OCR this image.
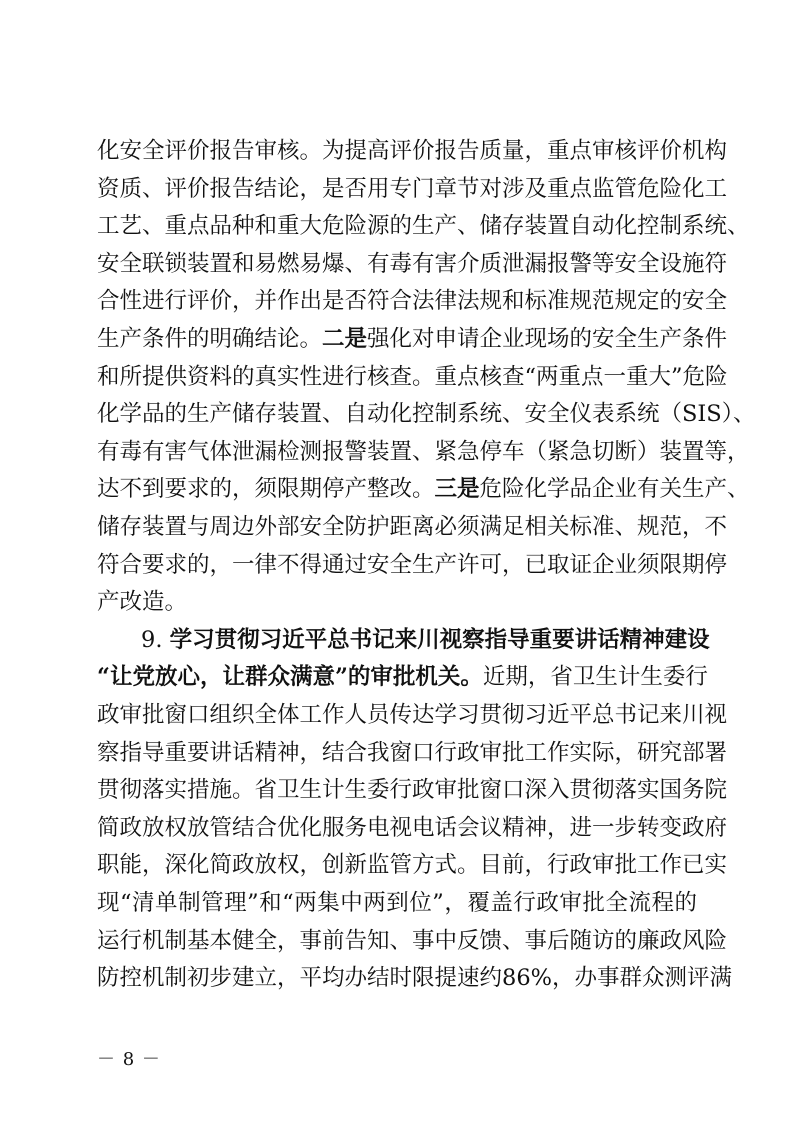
化安全评价报告审核。为提高评价报告质量，重点审核评价机构
资质、评价报告结论，是否用专门章节对涉及重点监管危险化工
工艺、重点品种和重大危险源的生产、储存装置自动化控制系统、
安全联锁装置和易燃易爆、有毒有害介质泄漏报警等安全设施符
合性进行评价，并作出是否符合法律法规和标准规范规定的安全
生产条件的明确结论。二是强化对申请企业现场的安全生产条件
和所提供资料的真实性进行核查。重点核查“两重点一重大”危险
化学品的生产储存装置、自动化控制系统、安全仪表系统（SIS）、
有毒有害气体泄漏检测报警装置、紧急停车（紧急切断）装置等，
达不到要求的，须限期停产整改。三是危险化学品企业有关生产、
储存装置与周边外部安全防护距离必须满足相关标准、规范，不
符合要求的，一律不得通过安全生产许可，已取证企业须限期停
产改造。
9. 学习贯彻习近平总书记来川视察指导重要讲话精神建设
“让党放心，让群众满意”的审批机关。近期，省卫生计生委行
政审批窗口组织全体工作人员传达学习贯彻习近平总书记来川视
察指导重要讲话精神，结合我窗口行政审批工作实际，研究部署
贯彻落实措施。省卫生计生委行政审批窗口深入贯彻落实国务院
简政放权放管结合优化服务电视电话会议精神，进一步转变政府
职能，深化简政放权，创新监管方式。目前，行政审批工作已实
现“清单制管理”和“两集中两到位”，覆盖行政审批全流程的
运行机制基本健全，事前告知、事中反馈、事后随访的廉政风险
防控机制初步建立，平均办结时限提速约86%，办事群众测评满
－ 8 －
